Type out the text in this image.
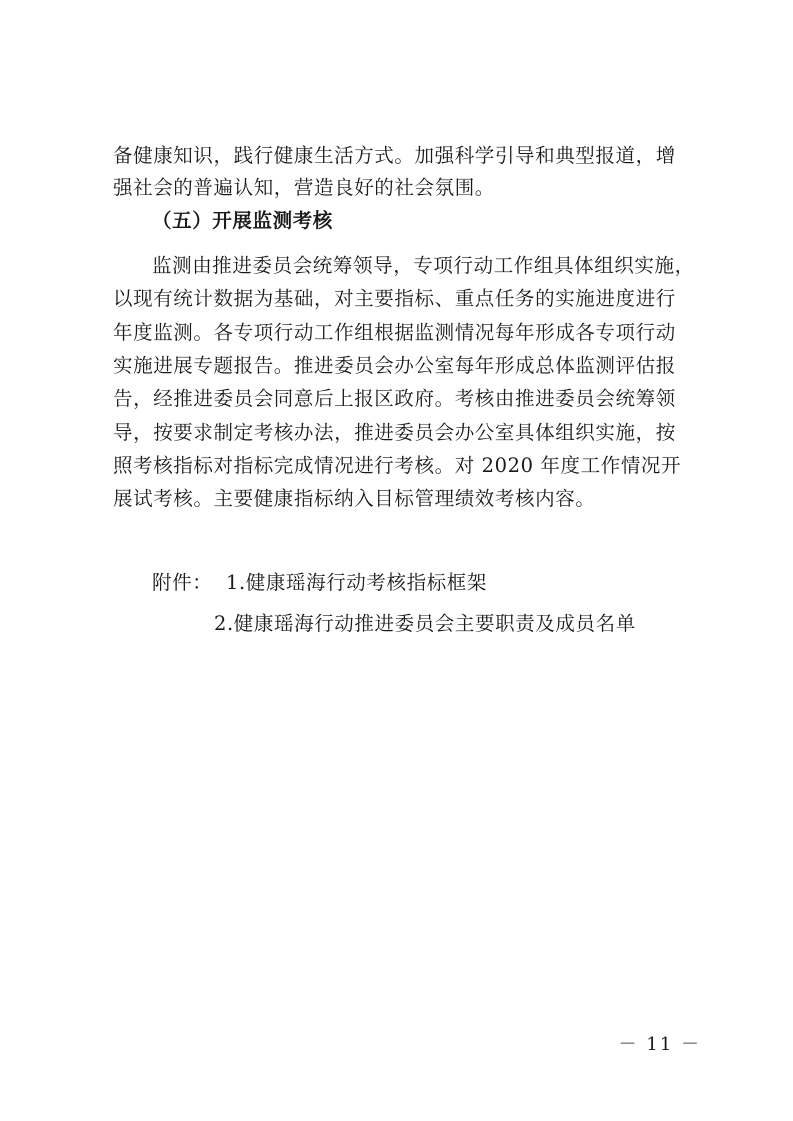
备健康知识，践行健康生活方式。加强科学引导和典型报道，增
强社会的普遍认知，营造良好的社会氛围。
（五）开展监测考核
监测由推进委员会统筹领导，专项行动工作组具体组织实施，
以现有统计数据为基础，对主要指标、重点任务的实施进度进行
年度监测。各专项行动工作组根据监测情况每年形成各专项行动
实施进展专题报告。推进委员会办公室每年形成总体监测评估报
告，经推进委员会同意后上报区政府。考核由推进委员会统筹领
导，按要求制定考核办法，推进委员会办公室具体组织实施，按
照考核指标对指标完成情况进行考核。对 2020 年度工作情况开
展试考核。主要健康指标纳入目标管理绩效考核内容。
附件： 1.健康瑶海行动考核指标框架
2.健康瑶海行动推进委员会主要职责及成员名单
－ 11 －
